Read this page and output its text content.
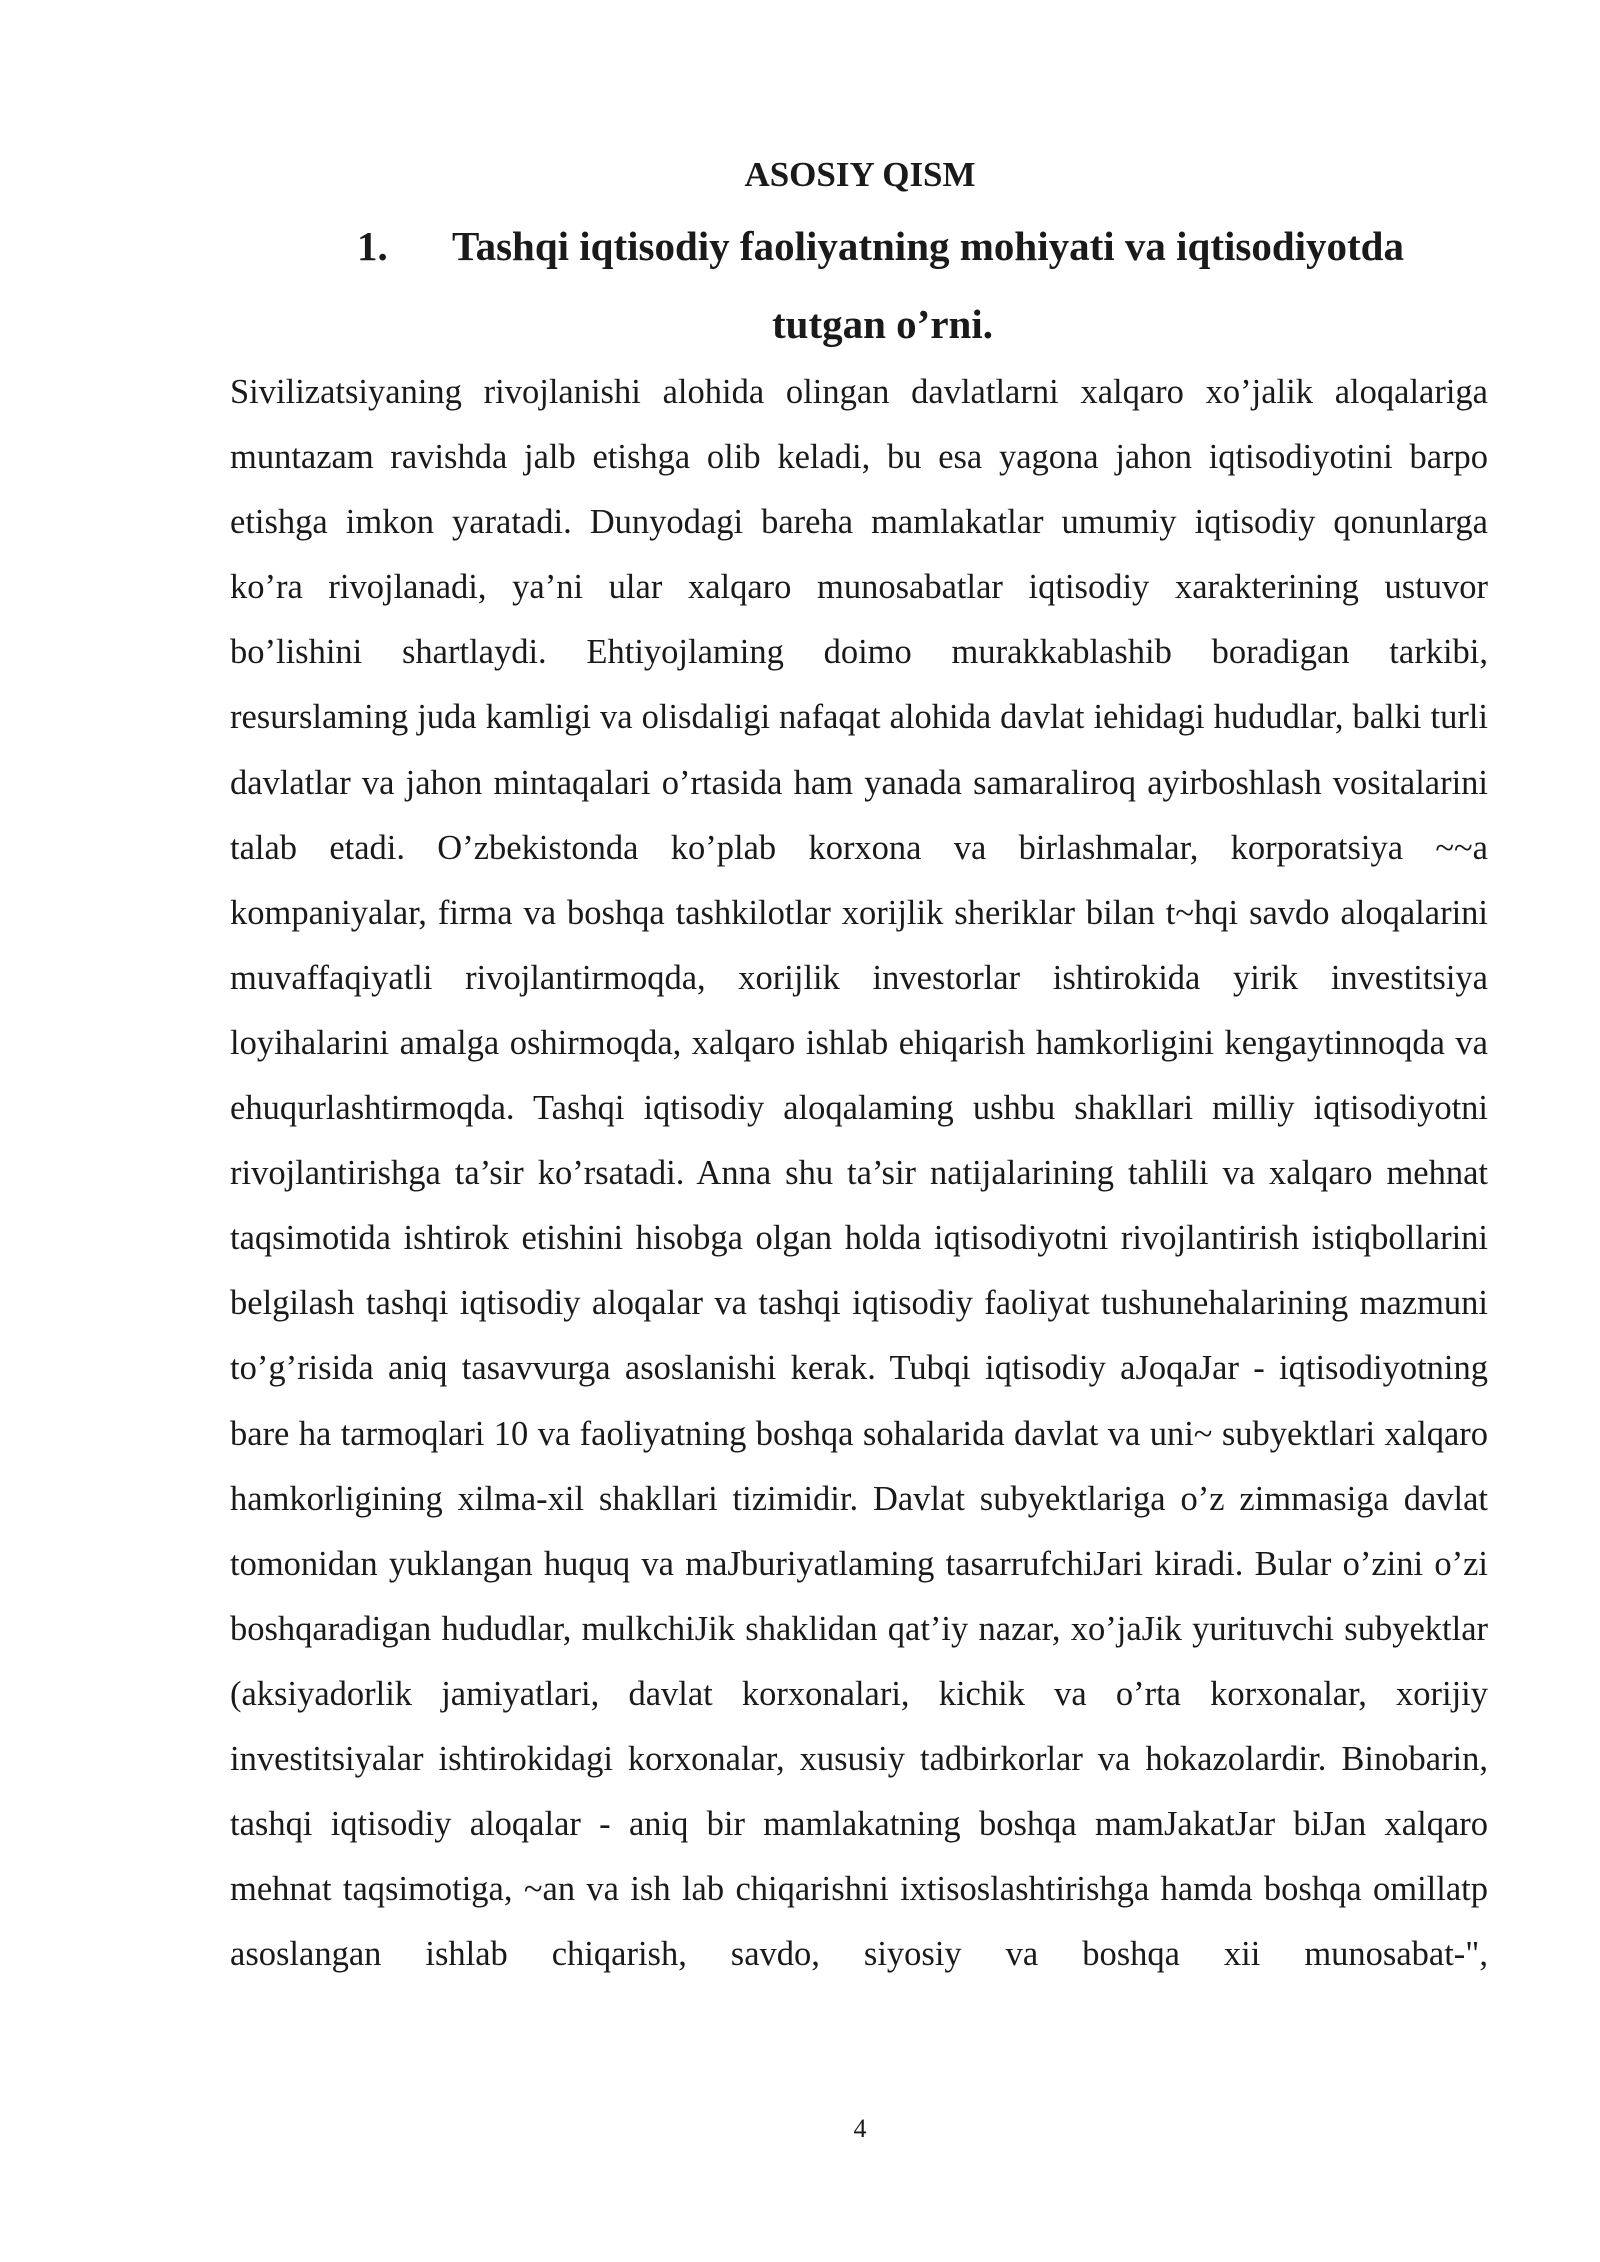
ASOSIY QISM
1. Tashqi iqtisodiy faoliyatning mohiyati va iqtisodiyotda
tutgan o’rni.

Sivilizatsiyaning rivojlanishi alohida olingan davlatlarni xalqaro xo’jalik aloqalariga muntazam ravishda jalb etishga olib keladi, bu esa yagona jahon iqtisodiyotini barpo etishga imkon yaratadi. Dunyodagi bareha mamlakatlar umumiy iqtisodiy qonunlarga ko’ra rivojlanadi, ya’ni ular xalqaro munosabatlar iqtisodiy xarakterining ustuvor bo’lishini shartlaydi. Ehtiyojlaming doimo murakkablashib boradigan tarkibi, resurslaming juda kamligi va olisdaligi nafaqat alohida davlat iehidagi hududlar, balki turli davlatlar va jahon mintaqalari o’rtasida ham yanada samaraliroq ayirboshlash vositalarini talab etadi. O’zbekistonda ko’plab korxona va birlashmalar, korporatsiya ~~a kompaniyalar, firma va boshqa tashkilotlar xorijlik sheriklar bilan t~hqi savdo aloqalarini muvaffaqiyatli rivojlantirmoqda, xorijlik investorlar ishtirokida yirik investitsiya loyihalarini amalga oshirmoqda, xalqaro ishlab ehiqarish hamkorligini kengaytinnoqda va ehuqurlashtirmoqda. Tashqi iqtisodiy aloqalaming ushbu shakllari milliy iqtisodiyotni rivojlantirishga ta’sir ko’rsatadi. Anna shu ta’sir natijalarining tahlili va xalqaro mehnat taqsimotida ishtirok etishini hisobga olgan holda iqtisodiyotni rivojlantirish istiqbollarini belgilash tashqi iqtisodiy aloqalar va tashqi iqtisodiy faoliyat tushunehalarining mazmuni to’g’risida aniq tasavvurga asoslanishi kerak. Tubqi iqtisodiy aJoqaJar - iqtisodiyotning bare ha tarmoqlari 10 va faoliyatning boshqa sohalarida davlat va uni~ subyektlari xalqaro hamkorligining xilma-xil shakllari tizimidir. Davlat subyektlariga o’z zimmasiga davlat tomonidan yuklangan huquq va maJburiyatlaming tasarrufchiJari kiradi. Bular o’zini o’zi boshqaradigan hududlar, mulkchiJik shaklidan qat’iy nazar, xo’jaJik yurituvchi subyektlar (aksiyadorlik jamiyatlari, davlat korxonalari, kichik va o’rta korxonalar, xorijiy investitsiyalar ishtirokidagi korxonalar, xususiy tadbirkorlar va hokazolardir. Binobarin, tashqi iqtisodiy aloqalar - aniq bir mamlakatning boshqa mamJakatJar biJan xalqaro mehnat taqsimotiga, ~an va ish lab chiqarishni ixtisoslashtirishga hamda boshqa omillatp asoslangan ishlab chiqarish, savdo, siyosiy va boshqa xii munosabat-",

4
